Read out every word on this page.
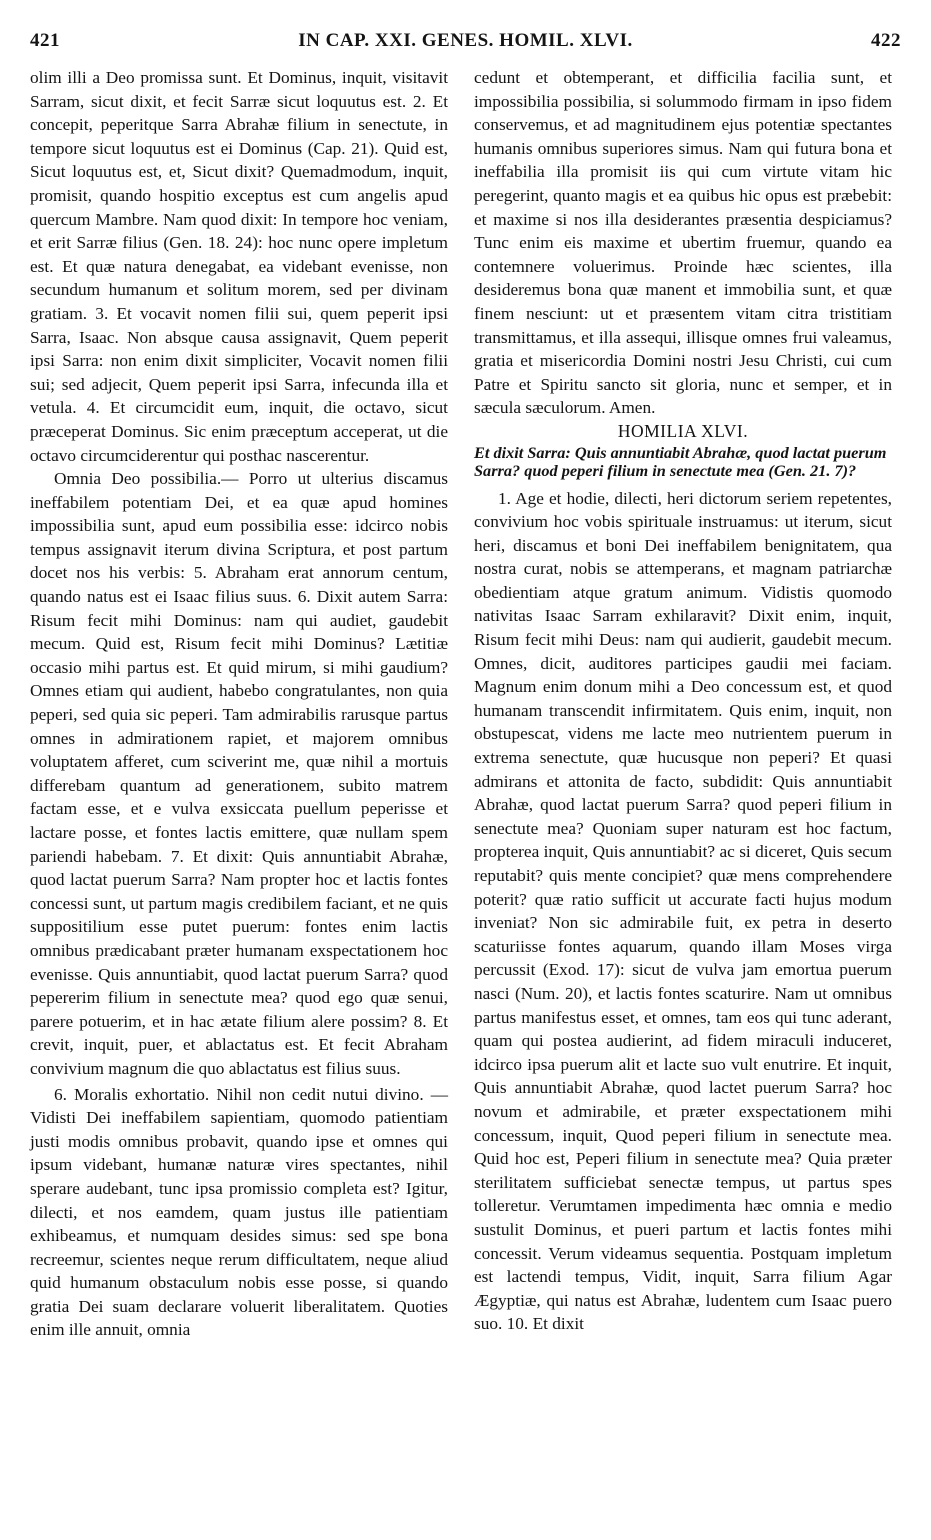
421	IN CAP. XXI. GENES. HOMIL. XLVI.	422

olim illi a Deo promissa sunt. Et Dominus, inquit, visitavit Sarram, sicut dixit, et fecit Sarræ sicut loquutus est. 2. Et concepit, peperitque Sarra Abrahæ filium in senectute, in tempore sicut loquutus est ei Dominus (Cap. 21). Quid est, Sicut loquutus est, et, Sicut dixit? Quemadmodum, inquit, promisit, quando hospitio exceptus est cum angelis apud quercum Mambre. Nam quod dixit: In tempore hoc veniam, et erit Sarræ filius (Gen. 18. 24): hoc nunc opere impletum est. Et quæ natura denegabat, ea videbant evenisse, non secundum humanum et solitum morem, sed per divinam gratiam. 3. Et vocavit nomen filii sui, quem peperit ipsi Sarra, Isaac. Non absque causa assignavit, Quem peperit ipsi Sarra: non enim dixit simpliciter, Vocavit nomen filii sui; sed adjecit, Quem peperit ipsi Sarra, infecunda illa et vetula. 4. Et circumcidit eum, inquit, die octavo, sicut præceperat Dominus. Sic enim præceptum acceperat, ut die octavo circumciderentur qui posthac nascerentur.

Omnia Deo possibilia.— Porro ut ulterius discamus ineffabilem potentiam Dei, et ea quæ apud homines impossibilia sunt, apud eum possibilia esse: idcirco nobis tempus assignavit iterum divina Scriptura, et post partum docet nos his verbis: 5. Abraham erat annorum centum, quando natus est ei Isaac filius suus. 6. Dixit autem Sarra: Risum fecit mihi Dominus: nam qui audiet, gaudebit mecum. Quid est, Risum fecit mihi Dominus? Lætitiæ occasio mihi partus est. Et quid mirum, si mihi gaudium? Omnes etiam qui audient, habebo congratulantes, non quia peperi, sed quia sic peperi. Tam admirabilis rarusque partus omnes in admirationem rapiet, et majorem omnibus voluptatem afferet, cum sciverint me, quæ nihil a mortuis differebam quantum ad generationem, subito matrem factam esse, et e vulva exsiccata puellum peperisse et lactare posse, et fontes lactis emittere, quæ nullam spem pariendi habebam. 7. Et dixit: Quis annuntiabit Abrahæ, quod lactat puerum Sarra? Nam propter hoc et lactis fontes concessi sunt, ut partum magis credibilem faciant, et ne quis suppositilium esse putet puerum: fontes enim lactis omnibus prædicabant præter humanam exspectationem hoc evenisse. Quis annuntiabit, quod lactat puerum Sarra? quod pepererim filium in senectute mea? quod ego quæ senui, parere potuerim, et in hac ætate filium alere possim? 8. Et crevit, inquit, puer, et ablactatus est. Et fecit Abraham convivium magnum die quo ablactatus est filius suus.

6. Moralis exhortatio. Nihil non cedit nutui divino. — Vidisti Dei ineffabilem sapientiam, quomodo patientiam justi modis omnibus probavit, quando ipse et omnes qui ipsum videbant, humanæ naturæ vires spectantes, nihil sperare audebant, tunc ipsa promissio completa est? Igitur, dilecti, et nos eamdem, quam justus ille patientiam exhibeamus, et numquam desides simus: sed spe bona recreemur, scientes neque rerum difficultatem, neque aliud quid humanum obstaculum nobis esse posse, si quando gratia Dei suam declarare voluerit liberalitatem. Quoties enim ille annuit, omnia

cedunt et obtemperant, et difficilia facilia sunt, et impossibilia possibilia, si solummodo firmam in ipso fidem conservemus, et ad magnitudinem ejus potentiæ spectantes humanis omnibus superiores simus. Nam qui futura bona et ineffabilia illa promisit iis qui cum virtute vitam hic peregerint, quanto magis et ea quibus hic opus est præbebit: et maxime si nos illa desiderantes præsentia despiciamus? Tunc enim eis maxime et ubertim fruemur, quando ea contemnere voluerimus. Proinde hæc scientes, illa desideremus bona quæ manent et immobilia sunt, et quæ finem nesciunt: ut et præsentem vitam citra tristitiam transmittamus, et illa assequi, illisque omnes frui valeamus, gratia et misericordia Domini nostri Jesu Christi, cui cum Patre et Spiritu sancto sit gloria, nunc et semper, et in sæcula sæculorum. Amen.

HOMILIA XLVI.

Et dixit Sarra: Quis annuntiabit Abrahæ, quod lactat puerum Sarra? quod peperi filium in senectute mea (Gen. 21. 7)?

1. Age et hodie, dilecti, heri dictorum seriem repetentes, convivium hoc vobis spirituale instruamus: ut iterum, sicut heri, discamus et boni Dei ineffabilem benignitatem, qua nostra curat, nobis se attemperans, et magnam patriarchæ obedientiam atque gratum animum. Vidistis quomodo nativitas Isaac Sarram exhilaravit? Dixit enim, inquit, Risum fecit mihi Deus: nam qui audierit, gaudebit mecum. Omnes, dicit, auditores participes gaudii mei faciam. Magnum enim donum mihi a Deo concessum est, et quod humanam transcendit infirmitatem. Quis enim, inquit, non obstupescat, videns me lacte meo nutrientem puerum in extrema senectute, quæ hucusque non peperi? Et quasi admirans et attonita de facto, subdidit: Quis annuntiabit Abrahæ, quod lactat puerum Sarra? quod peperi filium in senectute mea? Quoniam super naturam est hoc factum, propterea inquit, Quis annuntiabit? ac si diceret, Quis secum reputabit? quis mente concipiet? quæ mens comprehendere poterit? quæ ratio sufficit ut accurate facti hujus modum inveniat? Non sic admirabile fuit, ex petra in deserto scaturiisse fontes aquarum, quando illam Moses virga percussit (Exod. 17): sicut de vulva jam emortua puerum nasci (Num. 20), et lactis fontes scaturire. Nam ut omnibus partus manifestus esset, et omnes, tam eos qui tunc aderant, quam qui postea audierint, ad fidem miraculi induceret, idcirco ipsa puerum alit et lacte suo vult enutrire. Et inquit, Quis annuntiabit Abrahæ, quod lactet puerum Sarra? hoc novum et admirabile, et præter exspectationem mihi concessum, inquit, Quod peperi filium in senectute mea. Quid hoc est, Peperi filium in senectute mea? Quia præter sterilitatem sufficiebat senectæ tempus, ut partus spes tolleretur. Verumtamen impedimenta hæc omnia e medio sustulit Dominus, et pueri partum et lactis fontes mihi concessit. Verum videamus sequentia. Postquam impletum est lactendi tempus, Vidit, inquit, Sarra filium Agar Ægyptiæ, qui natus est Abrahæ, ludentem cum Isaac puero suo. 10. Et dixit
